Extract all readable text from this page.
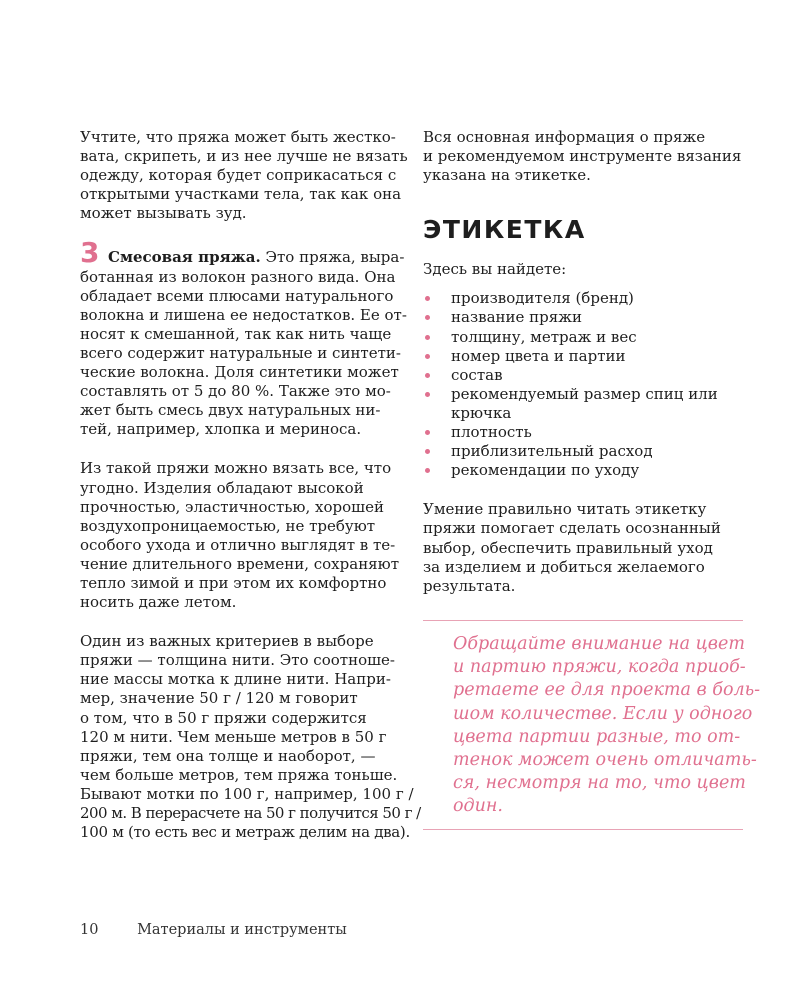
Учтите, что пряжа может быть жестко-
вата, скрипеть, и из нее лучше не вязать
одежду, которая будет соприкасаться с
открытыми участками тела, так как она
может вызывать зуд.
3 Смесовая пряжа. Это пряжа, выра-
ботанная из волокон разного вида. Она
обладает всеми плюсами натурального
волокна и лишена ее недостатков. Ее от-
носят к смешанной, так как нить чаще
всего содержит натуральные и синтети-
ческие волокна. Доля синтетики может
составлять от 5 до 80 %. Также это мо-
жет быть смесь двух натуральных ни-
тей, например, хлопка и мериноса.
Из такой пряжи можно вязать все, что
угодно. Изделия обладают высокой
прочностью, эластичностью, хорошей
воздухопроницаемостью, не требуют
особого ухода и отлично выглядят в те-
чение длительного времени, сохраняют
тепло зимой и при этом их комфортно
носить даже летом.
Один из важных критериев в выборе
пряжи — толщина нити. Это соотноше-
ние массы мотка к длине нити. Напри-
мер, значение 50 г / 120 м говорит
о том, что в 50 г пряжи содержится
120 м нити. Чем меньше метров в 50 г
пряжи, тем она толще и наоборот, —
чем больше метров, тем пряжа тоньше.
Бывают мотки по 100 г, например, 100 г /
200 м. В перерасчете на 50 г получится 50 г /
100 м (то есть вес и метраж делим на два).
Вся основная информация о пряже
и рекомендуемом инструменте вязания
указана на этикетке.
ЭТИКЕТКА
Здесь вы найдете:
производителя (бренд)
название пряжи
толщину, метраж и вес
номер цвета и партии
состав
рекомендуемый размер спиц или
крючка
плотность
приблизительный расход
рекомендации по уходу
Умение правильно читать этикетку
пряжи помогает сделать осознанный
выбор, обеспечить правильный уход
за изделием и добиться желаемого
результата.
Обращайте внимание на цвет
и партию пряжи, когда приоб-
ретаете ее для проекта в боль-
шом количестве. Если у одного
цвета партии разные, то от-
тенок может очень отличать-
ся, несмотря на то, что цвет
один.
10	Материалы и инструменты
